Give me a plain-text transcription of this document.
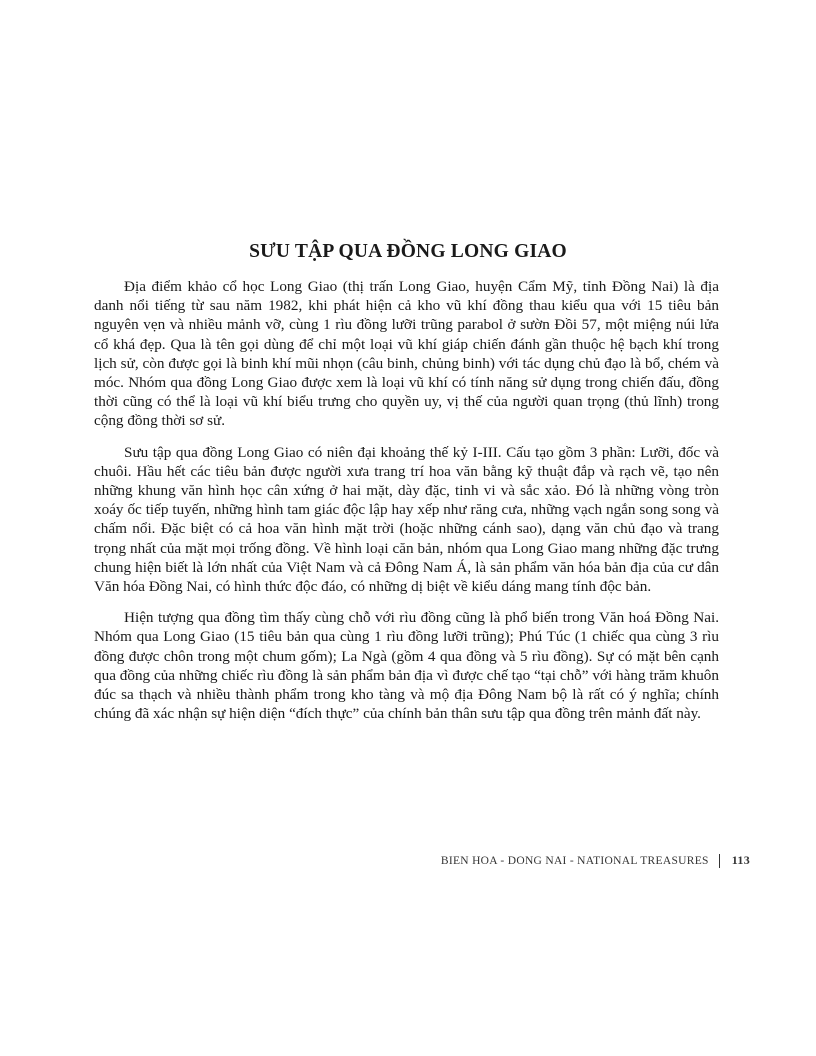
SƯU TẬP QUA ĐỒNG LONG GIAO

Địa điểm khảo cổ học Long Giao (thị trấn Long Giao, huyện Cẩm Mỹ, tỉnh Đồng Nai) là địa danh nổi tiếng từ sau năm 1982, khi phát hiện cả kho vũ khí đồng thau kiểu qua với 15 tiêu bản nguyên vẹn và nhiều mảnh vỡ, cùng 1 rìu đồng lưỡi trũng parabol ở sườn Đồi 57, một miệng núi lửa cổ khá đẹp. Qua là tên gọi dùng để chỉ một loại vũ khí giáp chiến đánh gần thuộc hệ bạch khí trong lịch sử, còn được gọi là binh khí mũi nhọn (câu binh, chủng binh) với tác dụng chủ đạo là bổ, chém và móc. Nhóm qua đồng Long Giao được xem là loại vũ khí có tính năng sử dụng trong chiến đấu, đồng thời cũng có thể là loại vũ khí biểu trưng cho quyền uy, vị thế của người quan trọng (thủ lĩnh) trong cộng đồng thời sơ sử.

Sưu tập qua đồng Long Giao có niên đại khoảng thế kỷ I-III. Cấu tạo gồm 3 phần: Lưỡi, đốc và chuôi. Hầu hết các tiêu bản được người xưa trang trí hoa văn bằng kỹ thuật đắp và rạch vẽ, tạo nên những khung văn hình học cân xứng ở hai mặt, dày đặc, tinh vi và sắc xảo. Đó là những vòng tròn xoáy ốc tiếp tuyến, những hình tam giác độc lập hay xếp như răng cưa, những vạch ngắn song song và chấm nổi. Đặc biệt có cả hoa văn hình mặt trời (hoặc những cánh sao), dạng văn chủ đạo và trang trọng nhất của mặt mọi trống đồng. Về hình loại căn bản, nhóm qua Long Giao mang những đặc trưng chung hiện biết là lớn nhất của Việt Nam và cả Đông Nam Á, là sản phẩm văn hóa bản địa của cư dân Văn hóa Đồng Nai, có hình thức độc đáo, có những dị biệt về kiểu dáng mang tính độc bản.

Hiện tượng qua đồng tìm thấy cùng chỗ với rìu đồng cũng là phổ biến trong Văn hoá Đồng Nai. Nhóm qua Long Giao (15 tiêu bản qua cùng 1 rìu đồng lưỡi trũng); Phú Túc (1 chiếc qua cùng 3 rìu đồng được chôn trong một chum gốm); La Ngà (gồm 4 qua đồng và 5 rìu đồng). Sự có mặt bên cạnh qua đồng của những chiếc rìu đồng là sản phẩm bản địa vì được chế tạo “tại chỗ” với hàng trăm khuôn đúc sa thạch và nhiều thành phẩm trong kho tàng và mộ địa Đông Nam bộ là rất có ý nghĩa; chính chúng đã xác nhận sự hiện diện “đích thực” của chính bản thân sưu tập qua đồng trên mảnh đất này.

BIEN HOA - DONG NAI - NATIONAL TREASURES 113
